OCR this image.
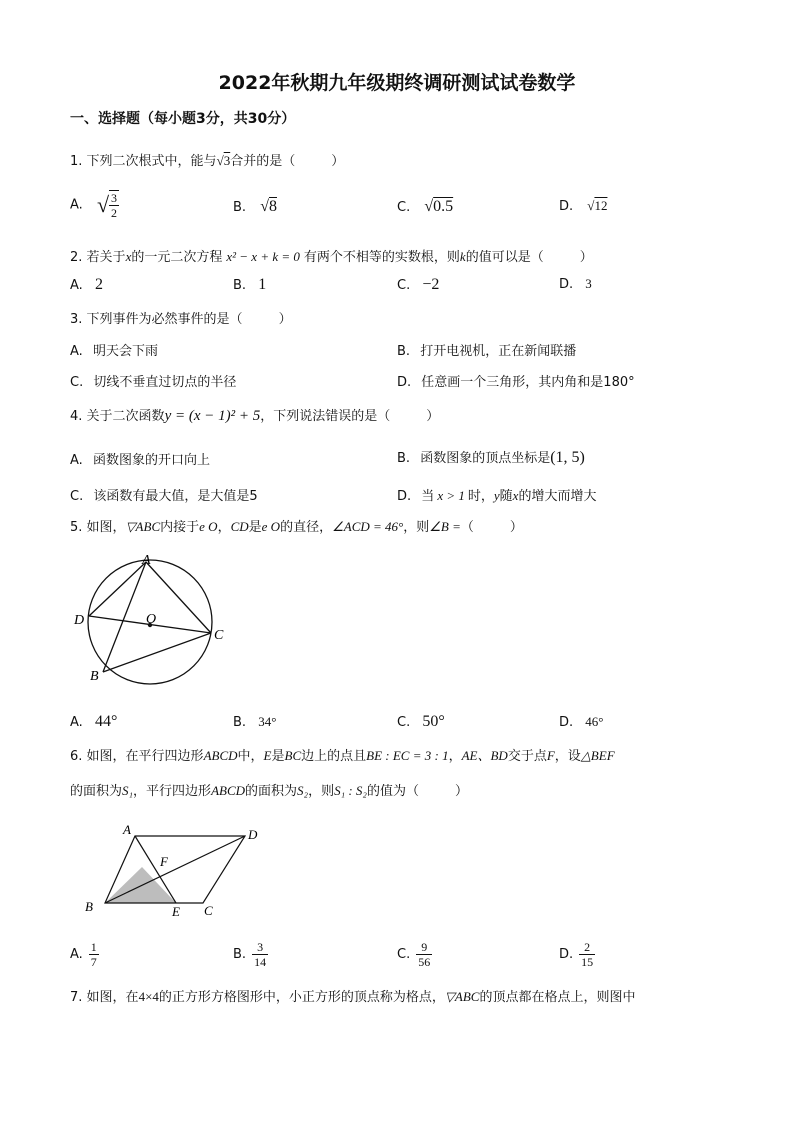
2022年秋期九年级期终调研测试试卷数学
一、选择题（每小题3分，共30分）
1. 下列二次根式中，能与√3合并的是（	）
A. √ $\frac{3}{2}$	B. √8	C. √0.5	D. √12
2. 若关于x的一元二次方程 x² − x + k = 0 有两个不相等的实数根，则k的值可以是（	）
A. 2	B. 1	C. −2	D. 3
3. 下列事件为必然事件的是（	）
A. 明天会下雨	B. 打开电视机，正在新闻联播
C. 切线不垂直过切点的半径	D. 任意画一个三角形，其内角和是180°
4. 关于二次函数y = (x − 1)² + 5，下列说法错误的是（	）
A. 函数图象的开口向上	B. 函数图象的顶点坐标是(1, 5)
C. 该函数有最大值，是大值是5	D. 当 x > 1 时，y随x的增大而增大
5. 如图，▽ABC内接于e O，CD是e O的直径，∠ACD = 46°，则∠B =（	）
A
D	O
C
B
A. 44°	B. 34°	C. 50°	D. 46°
6. 如图，在平行四边形ABCD中，E是BC边上的点且BE : EC = 3 : 1，AE、BD交于点F，设△BEF
的面积为S₁，平行四边形ABCD的面积为S₂，则S₁ : S₂的值为（	）
A	D
F
B	E C
A. $\frac{1}{7}$	B. $\frac{3}{14}$	C. $\frac{9}{56}$	D. $\frac{2}{15}$
7. 如图，在4×4的正方形方格图形中，小正方形的顶点称为格点，▽ABC的顶点都在格点上，则图中
